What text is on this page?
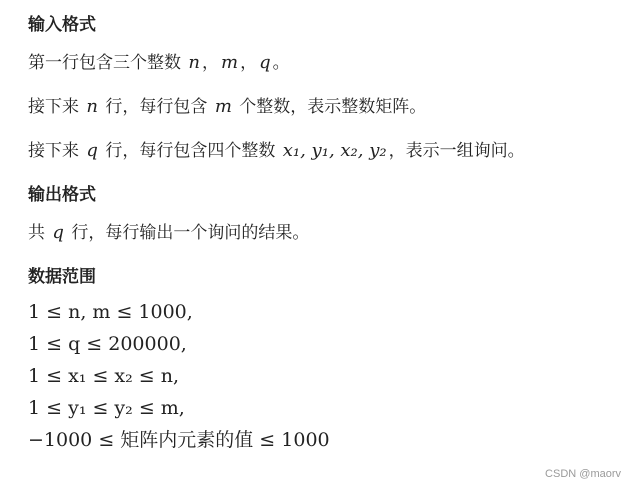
输入格式
第一行包含三个整数 n ， m ， q 。
接下来 n 行，每行包含 m 个整数，表示整数矩阵。
接下来 q 行，每行包含四个整数 x₁, y₁, x₂, y₂ ，表示一组询问。
输出格式
共 q 行，每行输出一个询问的结果。
数据范围
1 ≤ n, m ≤ 1000,
1 ≤ q ≤ 200000,
1 ≤ x₁ ≤ x₂ ≤ n,
1 ≤ y₁ ≤ y₂ ≤ m,
−1000 ≤ 矩阵内元素的值 ≤ 1000
CSDN @maorv
